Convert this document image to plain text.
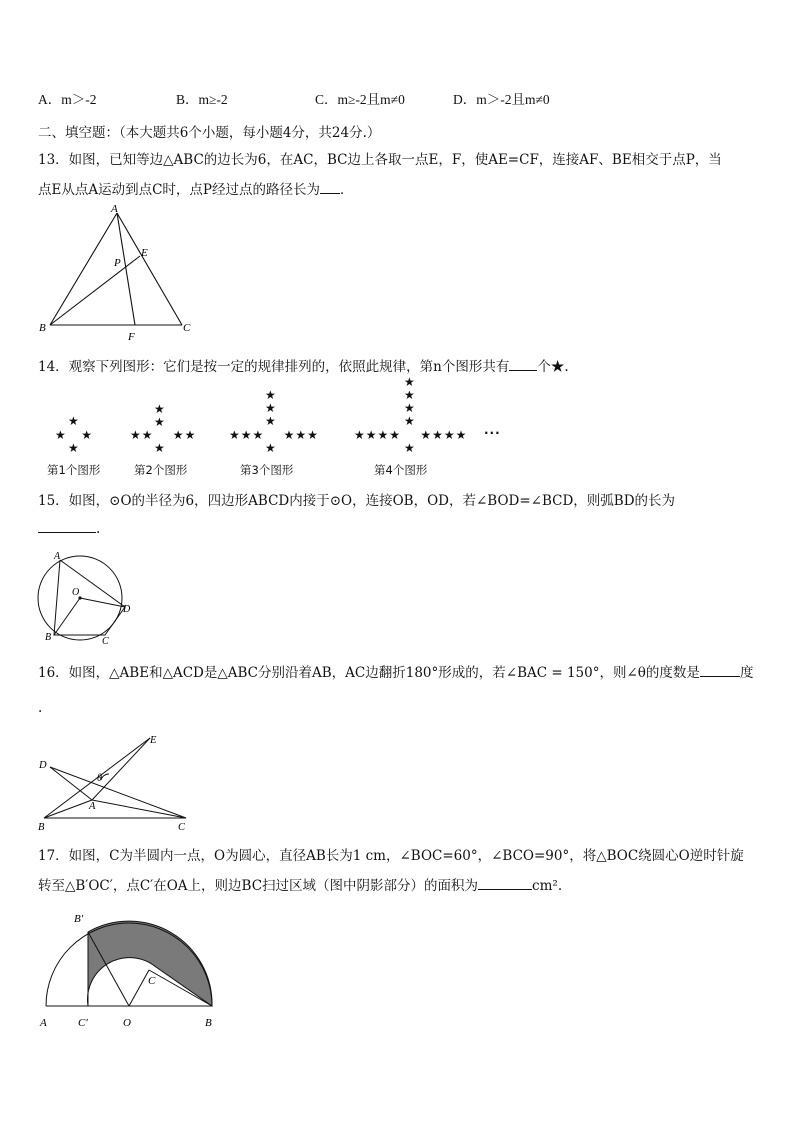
A．m＞-2	B．m≥-2	C．m≥-2且m≠0	D．m＞-2且m≠0
二、填空题：（本大题共6个小题，每小题4分，共24分.）
13．如图，已知等边△ABC的边长为6，在AC，BC边上各取一点E，F，使AE=CF，连接AF、BE相交于点P，当
点E从点A运动到点C时，点P经过点的路径长为 ．
A
B	C
E
F
P
14．观察下列图形：它们是按一定的规律排列的，依照此规律，第n个图形共有 个★.
★
★ ★
★
★
★
★★ ★★
★
★
★
★
★★★ ★★★
★
★
★
★
★
★★★★ ★★★★
★
···
第1个图形	第2个图形	第3个图形	第4个图形
15．如图，⊙O的半径为6，四边形ABCD内接于⊙O，连接OB，OD，若∠BOD=∠BCD，则弧BD的长为
.
A
B	C
D
O
16．如图，△ABE和△ACD是△ABC分别沿着AB，AC边翻折180°形成的，若∠BAC = 150°，则∠θ的度数是	度
.
B	C
A
D
E
θ
17．如图，C为半圆内一点，O为圆心，直径AB长为1 cm，∠BOC=60°，∠BCO=90°，将△BOC绕圆心O逆时针旋
转至△B′OC′，点C′在OA上，则边BC扫过区域（图中阴影部分）的面积为	cm².
A	C′	O	B
B′
C
